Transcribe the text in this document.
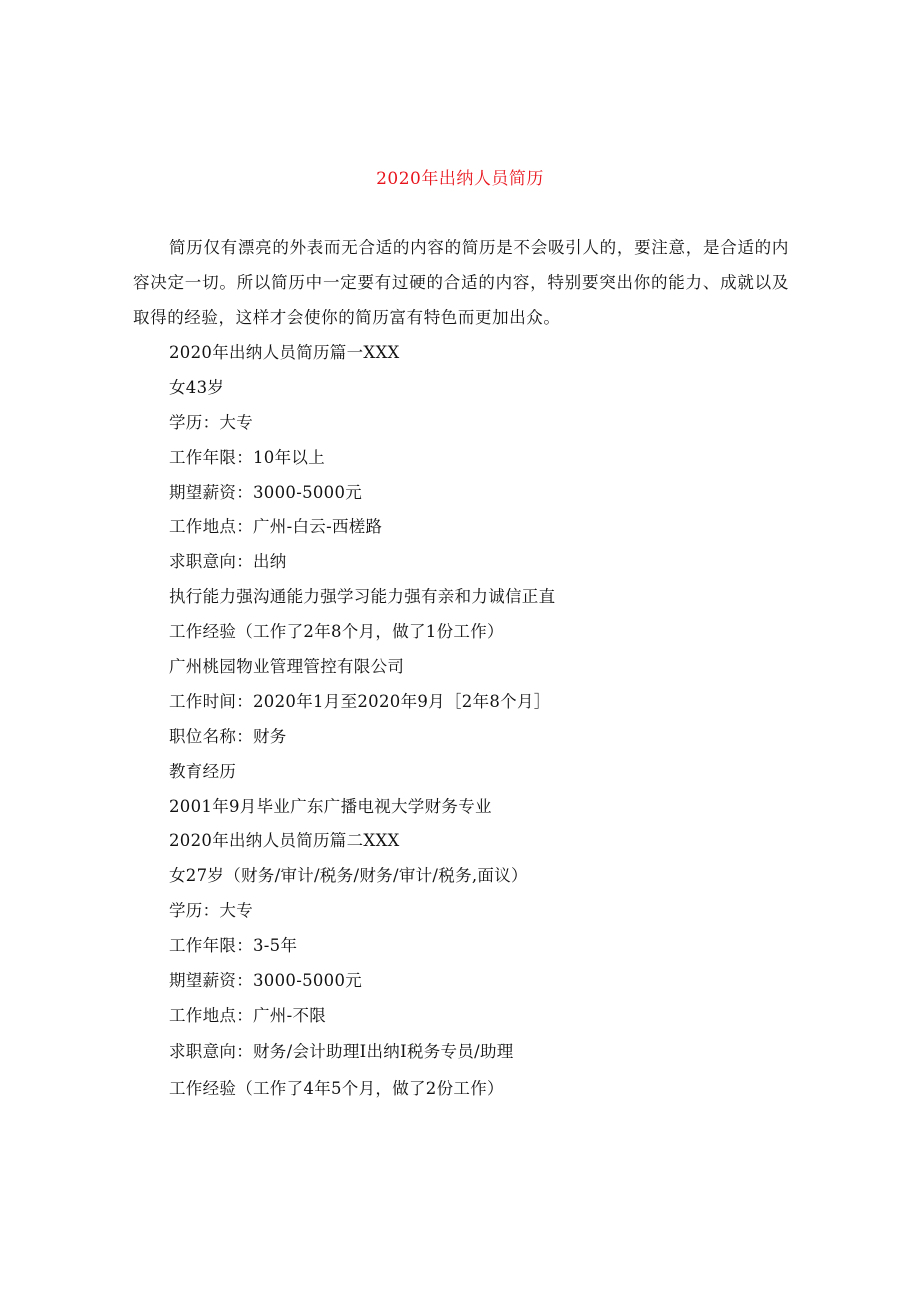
2020年出纳人员简历
简历仅有漂亮的外表而无合适的内容的简历是不会吸引人的，要注意，是合适的内容决定一切。所以简历中一定要有过硬的合适的内容，特别要突出你的能力、成就以及取得的经验，这样才会使你的简历富有特色而更加出众。
2020年出纳人员简历篇一XXX
女43岁
学历：大专
工作年限：10年以上
期望薪资：3000-5000元
工作地点：广州-白云-西槎路
求职意向：出纳
执行能力强沟通能力强学习能力强有亲和力诚信正直
工作经验（工作了2年8个月，做了1份工作）
广州桃园物业管理管控有限公司
工作时间：2020年1月至2020年9月［2年8个月］
职位名称：财务
教育经历
2001年9月毕业广东广播电视大学财务专业
2020年出纳人员简历篇二XXX
女27岁（财务/审计/税务/财务/审计/税务,面议）
学历：大专
工作年限：3-5年
期望薪资：3000-5000元
工作地点：广州-不限
求职意向：财务/会计助理I出纳I税务专员/助理
工作经验（工作了4年5个月，做了2份工作）
